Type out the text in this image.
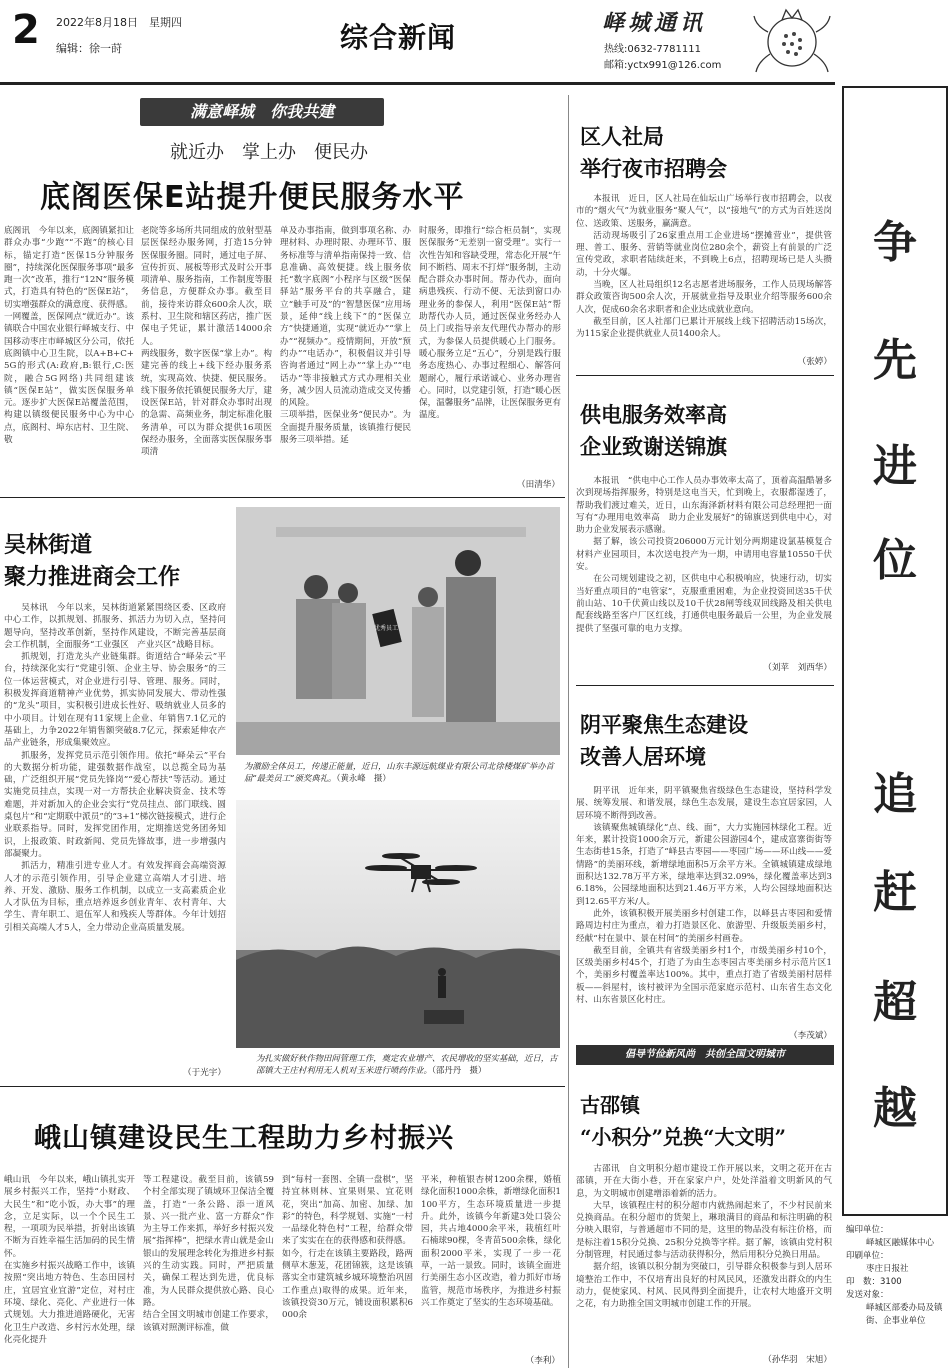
2 2022年8月18日　星期四
编辑：徐一莳	综合新闻	峄城通讯
热线:0632-7781111
邮箱:yctx991@126.com
满意峄城　你我共建
就近办　掌上办　便民办
底阁医保E站提升便民服务水平
底阁讯　今年以来，底阁镇紧扣让群众办事“少跑”“不跑”的核心目标，锚定打造“医保15分钟服务圈”，持续深化医保服务事项“最多跑一次”改革，推行“12N”服务模式，打造具有特色的“医保E站”，切实增强群众的满意度、获得感。
一网覆盖，医保网点“就近办”。该镇联合中国农业银行峄城支行、中国移动枣庄市峄城区分公司，依托底阁镇中心卫生院，以A+B+C+5G的形式(A:政府,B:银行,C:医院，融合5G网络)共同组建该镇“医保E站”，做实医保服务单元。逐步扩大医保E站覆盖范围，构建以镇级便民服务中心为中心点，底阁村、埠东店村、卫生院、敬
老院等多场所共同组成的放射型基层医保经办服务网，打造15分钟医保服务圈。同时，通过电子屏、宣传折页、展板等形式及时公开事项清单、服务指南，工作制度等服务信息，方便群众办事。截至目前，接待来访群众600余人次，联系村、卫生院和辖区药店，推广医保电子凭证，累计激活14000余人。
两线服务，数字医保“掌上办”。构建完善的线上+线下经办服务系统，实现高效、快捷、便民服务。线下服务依托镇便民服务大厅，建设医保E站，针对群众办事时出现的急需、高频业务，制定标准化服务清单，可以为群众提供16项医保经办服务，全面落实医保服务事项清
单及办事指南，做到事项名称、办理材料、办理时限、办理环节、服务标准等与清单指南保持一致、信息准确、高效便捷。线上服务依托“数字底阁”小程序与区级“医保驿站”服务平台的共享融合，建立“触手可及”的“智慧医保”应用场景，延伸“线上线下”的“医保立方”快捷通道，实现“就近办”“掌上办”“视频办”。疫情期间，开放“预约办”“电话办”，积极倡议并引导咨询者通过“网上办”“掌上办”“电话办”等非接触式方式办理相关业务，减少因人员流动造成交叉传播的风险。
三项举措，医保业务“便民办”。为全面提升服务质量，该镇推行便民服务三项举措。延
时服务，即推行“综合柜员制”，实现医保服务“无差别一窗受理”。实行一次性告知和容缺受理，常态化开展“午间不断档、周末不打烊”服务制，主动配合群众办事时间。帮办代办，面向病患残疾、行动不便、无法到窗口办理业务的参保人，利用“医保E站”帮助帮代办人员，通过医保业务经办人员上门或指导亲友代理代办帮办的形式，为参保人员提供暖心上门服务。暖心服务立足“五心”，分别是践行服务态度热心、办事过程细心、解答问题耐心，履行承诺诚心、业务办理省心。同时，以党建引领，打造“暖心医保，温馨服务”品牌，让医保服务更有温度。
（田清华）
吴林街道
聚力推进商会工作

吴林讯　今年以来，吴林街道紧紧围绕区委、区政府中心工作，以抓规划、抓服务、抓活力为切入点，坚持问题导向，坚持改革创新，坚持作风建设，不断完善基层商会工作机制，全面服务“工业强区　产业兴区”战略目标。

抓规划，打造龙头产业链集群。街道结合“峄朵云”平台，持续深化实行“党建引领、企业主导、协会服务”的三位一体运营模式，对企业进行引导、管理、服务。同时，积极发挥商道精神产业优势，抓实协同发展大、带动性强的“龙头”项目，实积极引进成长性好、吸纳就业人员多的中小项目。计划在现有11家规上企业、年销售7.1亿元的基础上，力争2022年销售额突破8.7亿元，探索延伸农产品产业链条，形成集聚效应。

抓服务，发挥党员示范引领作用。依托“峄朵云”平台的大数据分析功能，建强数据作战室，以总揽全局为基础，广泛组织开展“党员先锋岗”“爱心帮扶”等活动。通过实施党员挂点，实现一对一方帮扶企业解决资金、技术等难题，并对新加入的企业会实行“党员挂点、部门联线、圆桌包片”和“定期联中派员”的“3+1”梯次链接模式，进行企业联系指导。同时，发挥党团作用，定期推送党务团务知识，上报政策、时政新闻、党员先锋故事，进一步增强内部凝聚力。

抓活力，精准引进专业人才。有效发挥商会高端资源人才的示范引领作用，引导企业建立高端人才引进、培养、开发、激励、服务工作机制，以成立一支高素质企业人才队伍为目标，重点培养返乡创业青年、农村青年、大学生、青年职工、退伍军人和残疾人等群体。今年计划招引相关高端人才5人，全力带动企业高质量发展。

（于光宇）
优秀员工
为激励全体员工，传递正能量，近日，山东丰源远航煤业有限公司北徐楼煤矿举办首届“最美员工”颁奖典礼。（黄永峰　摄）
为扎实做好秋作物田间管理工作，奠定农业增产、农民增收的坚实基础，近日，古邵镇大王庄村利用无人机对玉米进行喷药作业。（邵丹丹　摄）
峨山镇建设民生工程助力乡村振兴
峨山讯　今年以来，峨山镇扎实开展乡村振兴工作，坚持“小财政、大民生”和“吃小饭，办大事”的理念，立足实际，以一个个民生工程，一项项为民举措，折射出该镇不断为百姓幸福生活加码的民生情怀。
在实施乡村振兴战略工作中，该镇按照“突出地方特色、生态田园村庄，宜居宜业宜游”定位，对村庄环境、绿化、亮化、产业进行一体式规划。大力推进道路硬化，无害化卫生户改造、乡村污水处理，绿化亮化提升
等工程建设。截至目前，该镇59个村全部实现了镇域环卫保洁全覆盖，打造“一条公路、添一道风景、兴一批产业、富一方群众”作为主导工作来抓，举好乡村振兴发展“指挥棒”，把绿水青山就是金山银山的发展理念转化为推进乡村振兴的生动实践。同时，严把质量关，确保工程达到先进，优良标准，为人民群众提供放心路、良心路。
结合全国文明城市创建工作要求，该镇对照测评标准，做
到“每村一套图、全镇一盘棋”，坚持宜林则林、宜果则果、宜花则花，突出“加高、加密、加绿、加彩”的特色，科学规划、实施“一村一品绿化特色村”工程，给群众带来了实实在在的获得感和获得感。
如今，行走在该镇主要路段，路两侧草木葱茏，花团锦簇，这是该镇落实全市建筑城乡城环境整治巩固工作重点)取得的成果。近年来，该镇投资30万元，铺设面积累积6000余
平米，种植银杏树1200余棵，婚植绿化面积1000余株，新增绿化面积1100平方，生态环境质量进一步提升。此外，该镇今年新建3处口袋公园，共占地4000余平米，栽植红叶石楠球90棵，冬青苗500余株，绿化面积2000平米，实现了一步一花草，一站一景致。同时，该镇全面进行美丽生态小区改造，着力抓好市场监管，规范市场秩序，为推进乡村振兴工作奠定了坚实的生态环境基础。
（李利）
区人社局
举行夜市招聘会

本报讯　近日，区人社局在仙坛山广场举行夜市招聘会，以夜市的“烟火气”为就业服务“聚人气”，以“接地气”的方式为百姓送岗位、送政策、送服务，赢满意。

活动现场吸引了26家重点用工企业进场“摆摊营业”，提供管理、普工、服务、营销等就业岗位280余个，薪资上有前景的广泛宣传党政，求职者陆续赶来，不到晚上6点，招聘现场已是人头攒动，十分火爆。

当晚，区人社局组织12名志愿者进场服务，工作人员现场解答群众政策咨询500余人次，开展就业指导及职业介绍等服务600余人次，促成60余名求职者和企业达成就业意向。

截至目前，区人社部门已累计开展线上线下招聘活动15场次，为115家企业提供就业人员1400余人。

（张婷）
供电服务效率高
企业致谢送锦旗

本报讯　“供电中心工作人员办事效率太高了，顶着高温酷暑多次到现场指挥服务，特别是这电当天，忙到晚上，衣服都湿透了，帮助我们渡过难关，近日，山东海泽新材料有限公司总经理把一面写有“办理用电效率高　助力企业发展好”的锦旗送到供电中心，对助力企业发展表示感谢。

据了解，该公司投资206000万元计划分两期建设氯基模复合材料产业园项目，本次送电投产为一期，申请用电容量10550千伏安。

在公司规划建设之初，区供电中心积极响应，快速行动，切实当好重点项目的“电管家”，克服重重困难，为企业投资回送35千伏前山站、10千伏黄山线以及10千伏28闸等线双回线路及相关供电配套线路至客户厂区红线，打通供电服务最后一公里，为企业发展提供了坚强可靠的电力支撑。

（刘苹　刘西华）
阴平聚焦生态建设
改善人居环境

阴平讯　近年来，阴平镇聚焦省级绿色生态建设，坚持科学发展、统筹发展、和谐发展，绿色生态发展，建设生态宜居家园，人居环境不断得到改善。

该镇聚焦城镇绿化“点、线、面”，大力实施园林绿化工程。近年来，累计投资1000余万元，新建公园游园4个，建成富寨街街等生态街巷15条，打造了“峄县古枣园——枣园广场——环山线——爱情路”的美丽环线，新增绿地面积5万余平方米。全镇城镇建成绿地面积达132.78万平方米，绿地率达到32.09%，绿化覆盖率达到36.18%，公园绿地面积达到21.46万平方米，人均公园绿地面积达到12.65平方米/人。

此外，该镇积极开展美丽乡村创建工作，以峄县古枣园和爱情路周边村庄为重点，着力打造景区化、旅游型、升级版美丽乡村，经献“村在景中、景在村间”的美丽乡村画卷。

截至目前，全镇共有省级美丽乡村1个，市级美丽乡村10个，区级美丽乡村45个，打造了为由生态枣园古枣美丽乡村示范片区1个，美丽乡村覆盖率达100%。其中，重点打造了省级美丽村居样板——斜屋村，该村被评为全国示范家庭示范村、山东省生态文化村、山东省景区化村庄。

（李茂斌）
倡导节俭新风尚　共创全国文明城市
古邵镇
“小积分”兑换“大文明”

古邵讯　自文明积分超市建设工作开展以来，文明之花开在古邵镇，开在大街小巷，开在家家户户，处处洋溢着文明新风的气息，为文明城市创建增添着新的活力。

大早，该镇程庄村的积分超市内就热闹起来了，不少村民前来兑换商品。在积分超市的货架上，琳琅满目的商品和标注明确的积分映入眼帘，与普通超市不同的是，这里的物品没有标注价格，而是标注着15积分兑换、25积分兑换等字样。据了解，该镇由党村积分制管理，村民通过参与活动获得积分，然后用积分兑换日用品。

据介绍，该镇以积分制为突破口，引导群众积极参与到人居环境整治工作中，不仅培育出良好的村风民风，还激发出群众的内生动力，促使家风、村风、民风得到全面提升，让农村大地盛开文明之花，有力助推全国文明城市创建工作的开展。

（孙华羽　宋旭）
争
先
进
位
追
赶
超
越
编印单位：
峄城区融媒体中心
印刷单位：
枣庄日报社
印　数：3100
发送对象：
峄城区部委办局及镇街、企事业单位
